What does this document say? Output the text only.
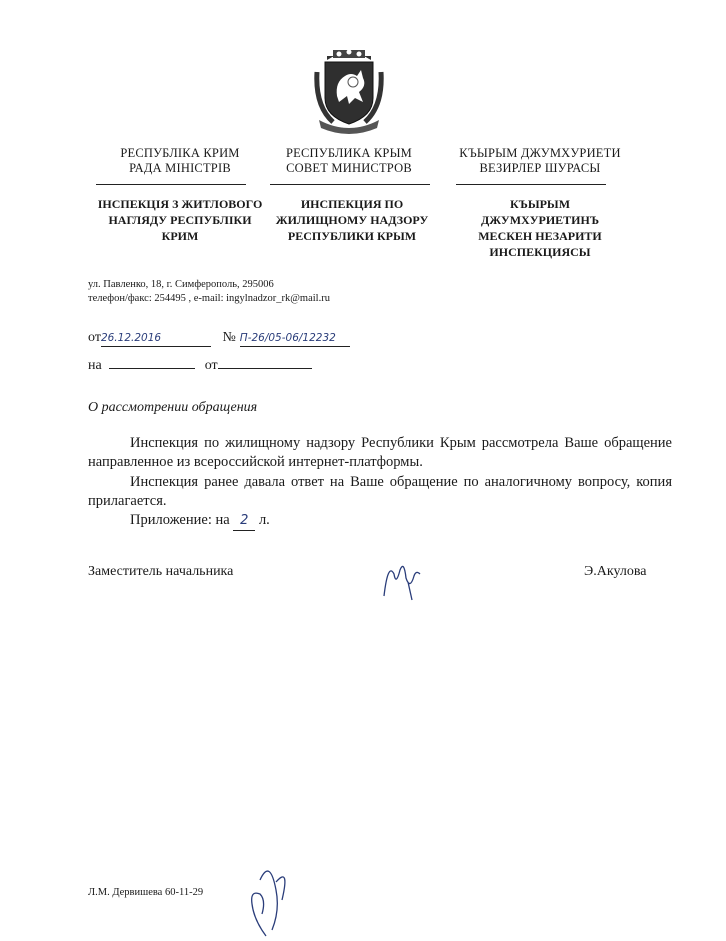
РЕСПУБЛІКА КРИМ
РАДА МІНІСТРІВ
ІНСПЕКЦІЯ З ЖИТЛОВОГО
НАГЛЯДУ РЕСПУБЛІКИ
КРИМ
РЕСПУБЛИКА КРЫМ
СОВЕТ МИНИСТРОВ
ИНСПЕКЦИЯ ПО
ЖИЛИЩНОМУ НАДЗОРУ
РЕСПУБЛИКИ КРЫМ
КЪЫРЫМ ДЖУМХУРИЕТИ
ВЕЗИРЛЕР ШУРАСЫ
КЪЫРЫМ
ДЖУМХУРИЕТИНЪ
МЕСКЕН НЕЗАРИТИ
ИНСПЕКЦИЯСЫ
ул. Павленко, 18, г. Симферополь, 295006
телефон/факс: 254495 , e-mail: ingylnadzor_rk@mail.ru
от26.12.2016	№ П-26/05-06/12232
на	от
О рассмотрении обращения
Инспекция по жилищному надзору Республики Крым рассмотрела Ваше обращение направленное из всероссийской интернет-платформы.
Инспекция ранее давала ответ на Ваше обращение по аналогичному вопросу, копия прилагается.
Приложение: на 2 л.
Заместитель начальника	Э.Акулова
Л.М. Дервишева 60-11-29
